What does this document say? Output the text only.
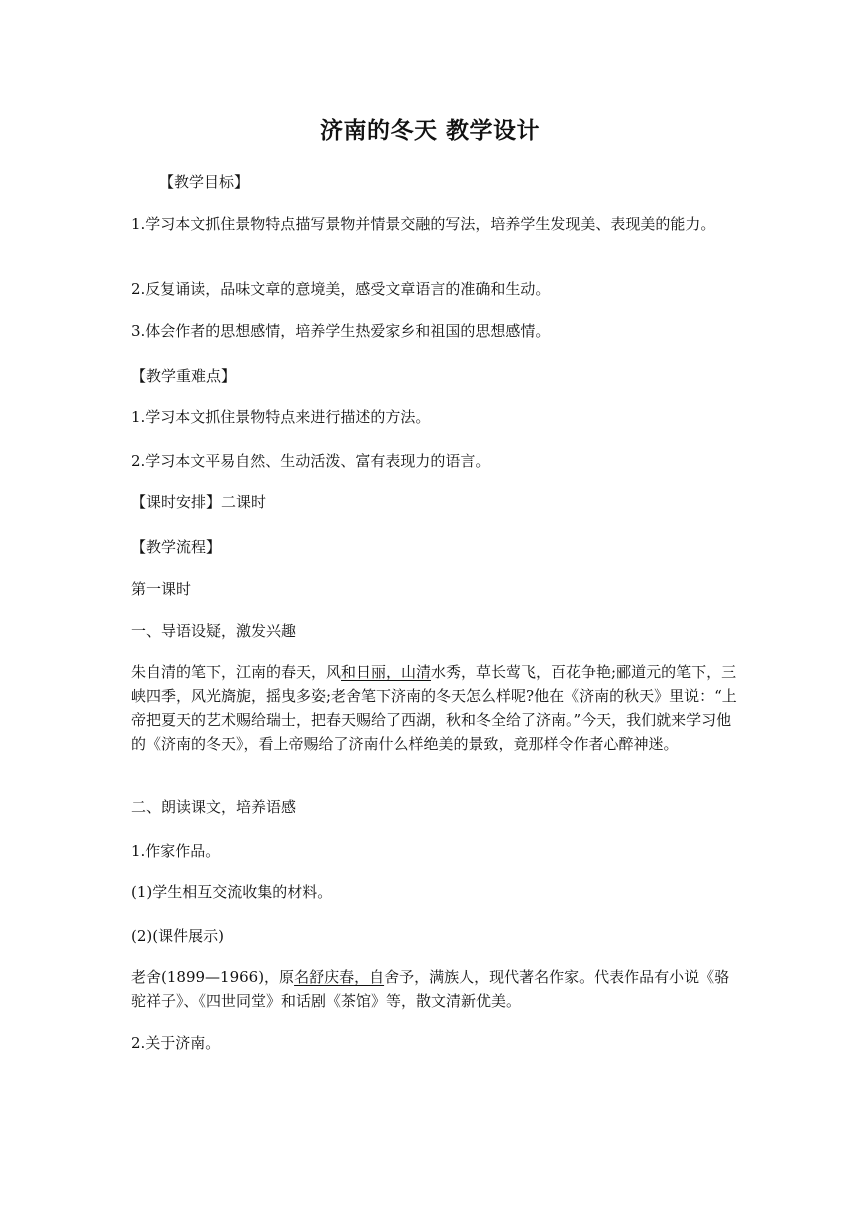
济南的冬天 教学设计

【教学目标】

1.学习本文抓住景物特点描写景物并情景交融的写法，培养学生发现美、表现美的能力。

2.反复诵读，品味文章的意境美，感受文章语言的准确和生动。

3.体会作者的思想感情，培养学生热爱家乡和祖国的思想感情。

【教学重难点】

1.学习本文抓住景物特点来进行描述的方法。

2.学习本文平易自然、生动活泼、富有表现力的语言。

【课时安排】二课时

【教学流程】

第一课时

一、导语设疑，激发兴趣

朱自清的笔下，江南的春天，风和日丽，山清水秀，草长莺飞，百花争艳;郦道元的笔下，三峡四季，风光旖旎，摇曳多姿;老舍笔下济南的冬天怎么样呢?他在《济南的秋天》里说：“上帝把夏天的艺术赐给瑞士，把春天赐给了西湖，秋和冬全给了济南。”今天，我们就来学习他的《济南的冬天》，看上帝赐给了济南什么样绝美的景致，竟那样令作者心醉神迷。

二、朗读课文，培养语感

1.作家作品。

(1)学生相互交流收集的材料。

(2)(课件展示)

老舍(1899—1966)，原名舒庆春，自舍予，满族人，现代著名作家。代表作品有小说《骆驼祥子》、《四世同堂》和话剧《茶馆》等，散文清新优美。

2.关于济南。
